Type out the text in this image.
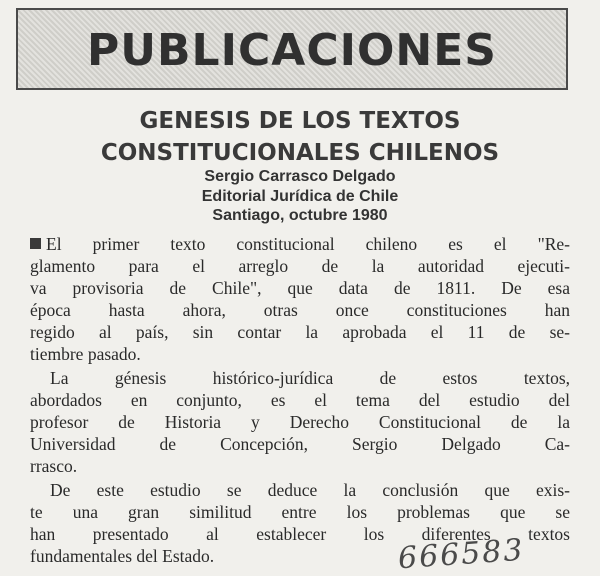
PUBLICACIONES
GENESIS DE LOS TEXTOS
CONSTITUCIONALES CHILENOS
Sergio Carrasco Delgado
Editorial Jurídica de Chile
Santiago, octubre 1980
El primer texto constitucional chileno es el "Re-
glamento para el arreglo de la autoridad ejecuti-
va provisoria de Chile", que data de 1811. De esa
época hasta ahora, otras once constituciones han
regido al país, sin contar la aprobada el 11 de se-
tiembre pasado.
La génesis histórico-jurídica de estos textos,
abordados en conjunto, es el tema del estudio del
profesor de Historia y Derecho Constitucional de la
Universidad de Concepción, Sergio Delgado Ca-
rrasco.
De este estudio se deduce la conclusión que exis-
te una gran similitud entre los problemas que se
han presentado al establecer los diferentes textos
fundamentales del Estado.	666583
